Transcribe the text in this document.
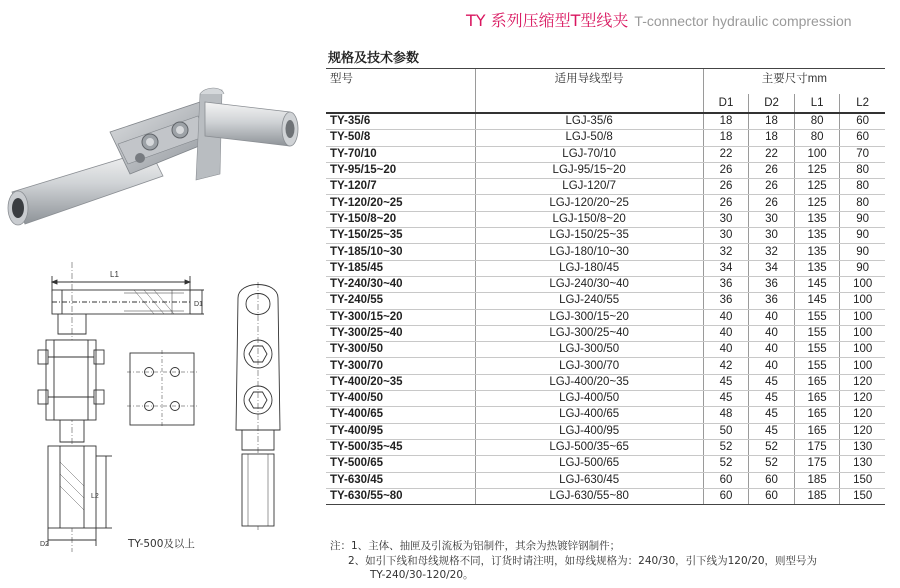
TY 系列压缩型T型线夹 T-connector hydraulic compression
规格及技术参数
L1
D1
L2
D2	TY-500及以上
型号	适用导线型号	主要尺寸mm			
		D1	D2	L1	L2
TY-35/6	LGJ-35/6	18	18	80	60
TY-50/8	LGJ-50/8	18	18	80	60
TY-70/10	LGJ-70/10	22	22	100	70
TY-95/15~20	LGJ-95/15~20	26	26	125	80
TY-120/7	LGJ-120/7	26	26	125	80
TY-120/20~25	LGJ-120/20~25	26	26	125	80
TY-150/8~20	LGJ-150/8~20	30	30	135	90
TY-150/25~35	LGJ-150/25~35	30	30	135	90
TY-185/10~30	LGJ-180/10~30	32	32	135	90
TY-185/45	LGJ-180/45	34	34	135	90
TY-240/30~40	LGJ-240/30~40	36	36	145	100
TY-240/55	LGJ-240/55	36	36	145	100
TY-300/15~20	LGJ-300/15~20	40	40	155	100
TY-300/25~40	LGJ-300/25~40	40	40	155	100
TY-300/50	LGJ-300/50	40	40	155	100
TY-300/70	LGJ-300/70	42	40	155	100
TY-400/20~35	LGJ-400/20~35	45	45	165	120
TY-400/50	LGJ-400/50	45	45	165	120
TY-400/65	LGJ-400/65	48	45	165	120
TY-400/95	LGJ-400/95	50	45	165	120
TY-500/35~45	LGJ-500/35~65	52	52	175	130
TY-500/65	LGJ-500/65	52	52	175	130
TY-630/45	LGJ-630/45	60	60	185	150
TY-630/55~80	LGJ-630/55~80	60	60	185	150
注：1、主体、抽匣及引流板为铝制件，其余为热镀锌钢制件；
2、如引下线和母线规格不同，订货时请注明，如母线规格为：240/30，引下线为120/20，则型号为
TY-240/30-120/20。
